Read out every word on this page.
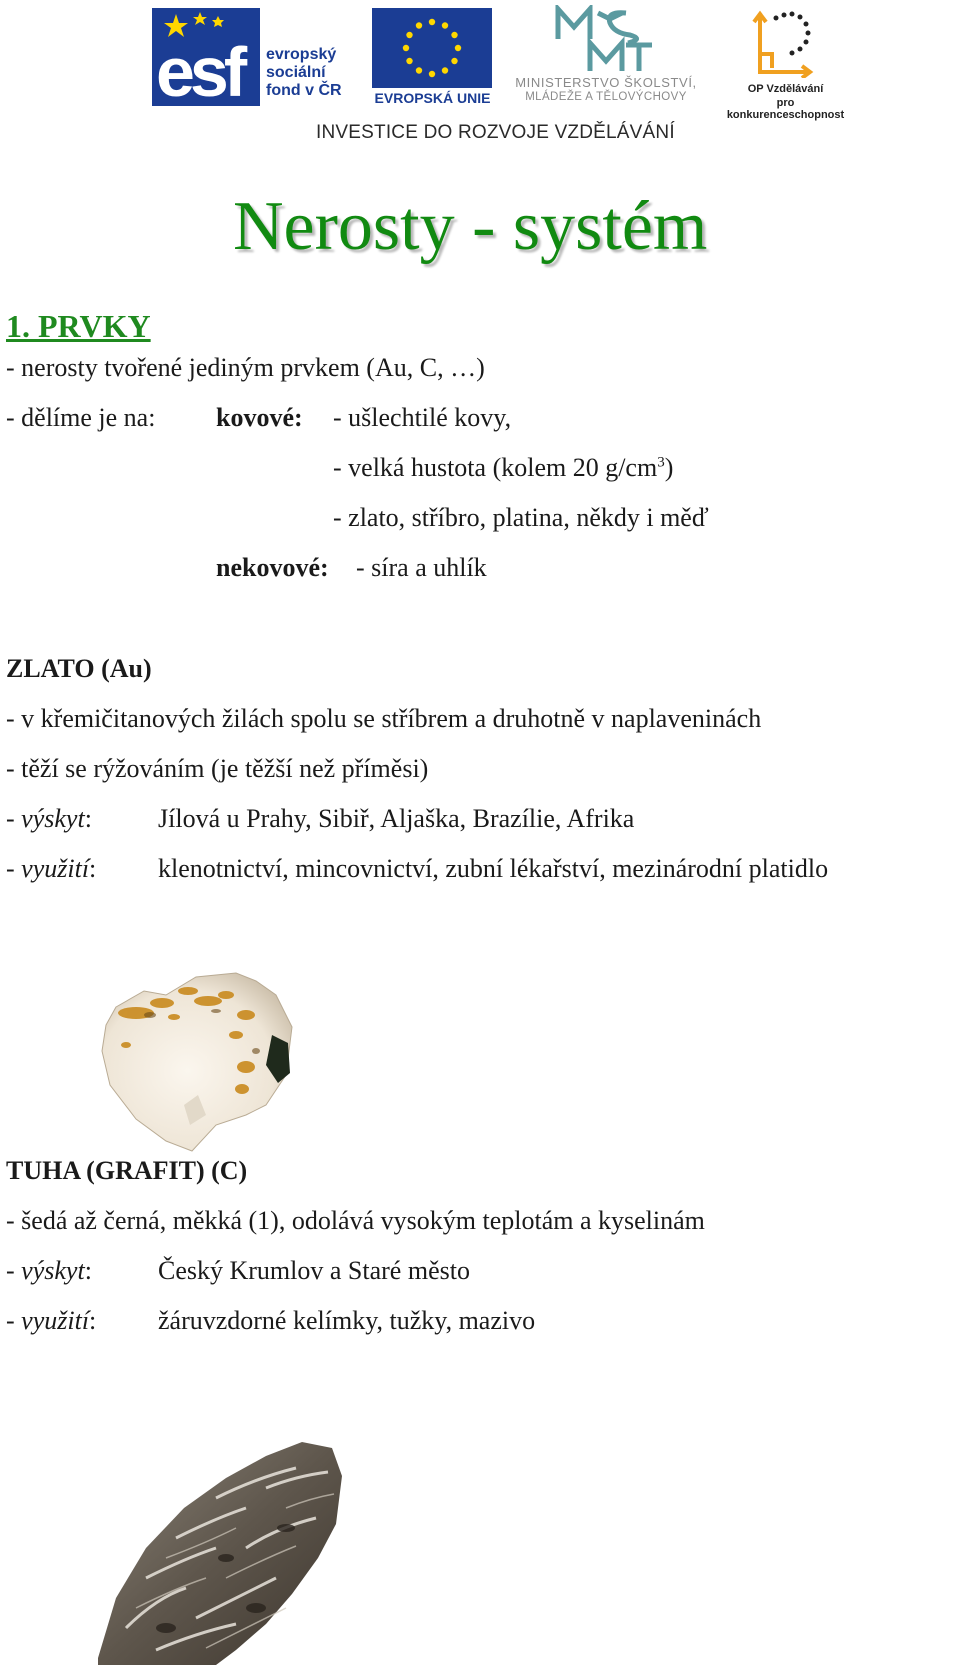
esf	evropský
sociální
fond v ČR	EVROPSKÁ UNIE
MINISTERSTVO ŠKOLSTVÍ,
MLÁDEŽE A TĚLOVÝCHOVY
OP Vzdělávání
pro konkurenceschopnost
INVESTICE DO ROZVOJE VZDĚLÁVÁNÍ
Nerosty - systém
1. PRVKY
- nerosty tvořené jediným prvkem (Au, C, …)
- dělíme je na: kovové: - ušlechtilé kovy,
- velká hustota (kolem 20 $g/cm^3$)
- zlato, stříbro, platina, někdy i měď
nekovové: - síra a uhlík
ZLATO (Au)
- v křemičitanových žilách spolu se stříbrem a druhotně v naplaveninách
- těží se rýžováním (je těžší než příměsi)
- výskyt:	Jílová u Prahy, Sibiř, Aljaška, Brazílie, Afrika
- využití: klenotnictví, mincovnictví, zubní lékařství, mezinárodní platidlo
TUHA (GRAFIT) (C)
- šedá až černá, měkká (1), odolává vysokým teplotám a kyselinám
- výskyt:	Český Krumlov a Staré město
- využití: žáruvzdorné kelímky, tužky, mazivo
